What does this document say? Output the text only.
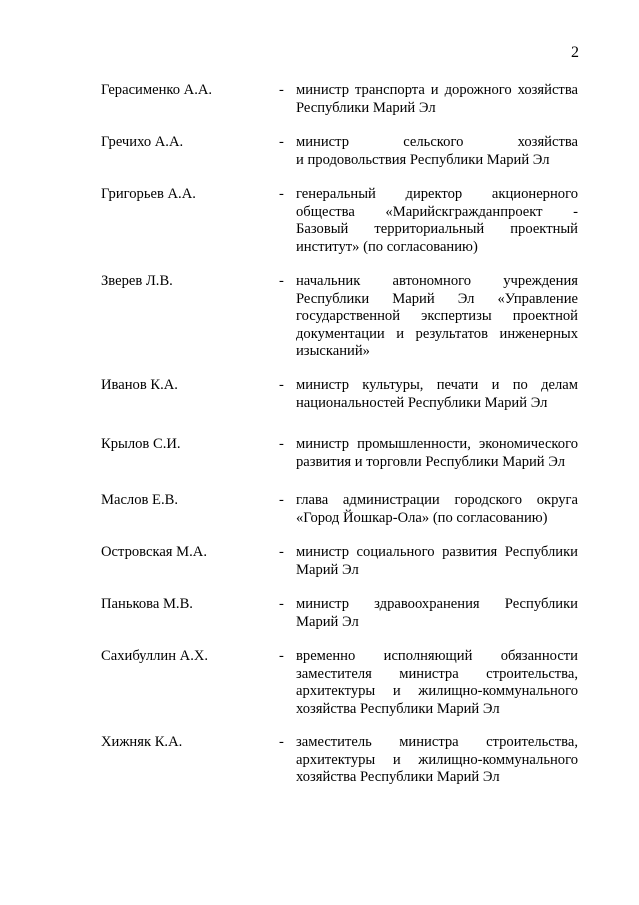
2
Герасименко А.А.	- министр транспорта и дорожного хозяйства
Республики Марий Эл
Гречихо А.А.	- министр сельского хозяйства
и продовольствия Республики Марий Эл
Григорьев А.А.	- генеральный директор акционерного
общества «Марийскгражданпроект -
Базовый территориальный проектный
институт» (по согласованию)
Зверев Л.В.	- начальник автономного учреждения
Республики Марий Эл «Управление
государственной экспертизы проектной
документации и результатов инженерных
изысканий»
Иванов К.А.	- министр культуры, печати и по делам
национальностей Республики Марий Эл
Крылов С.И.	- министр промышленности, экономического
развития и торговли Республики Марий Эл
Маслов Е.В.	- глава администрации городского округа
«Город Йошкар-Ола» (по согласованию)
Островская М.А.	- министр социального развития Республики
Марий Эл
Панькова М.В.	- министр здравоохранения Республики
Марий Эл
Сахибуллин А.Х.	- временно исполняющий обязанности
заместителя министра строительства,
архитектуры и жилищно-коммунального
хозяйства Республики Марий Эл
Хижняк К.А.	- заместитель министра строительства,
архитектуры и жилищно-коммунального
хозяйства Республики Марий Эл
